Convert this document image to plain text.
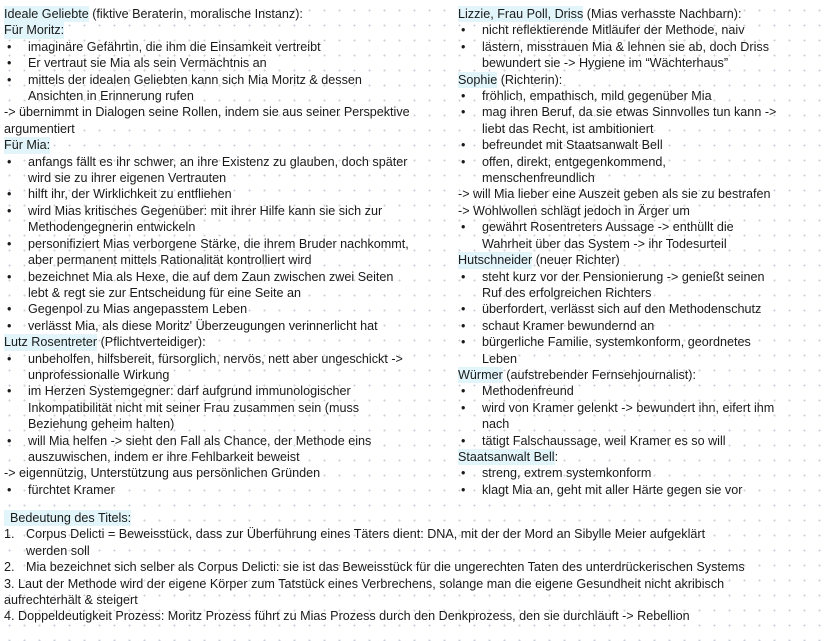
Ideale Geliebte (fiktive Beraterin, moralische Instanz):
Für Moritz:
• imaginäre Gefährtin, die ihm die Einsamkeit vertreibt
• Er vertraut sie Mia als sein Vermächtnis an
• mittels der idealen Geliebten kann sich Mia Moritz & dessen
Ansichten in Erinnerung rufen
-> übernimmt in Dialogen seine Rollen, indem sie aus seiner Perspektive
argumentiert
Für Mia:
• anfangs fällt es ihr schwer, an ihre Existenz zu glauben, doch später
wird sie zu ihrer eigenen Vertrauten
• hilft ihr, der Wirklichkeit zu entfliehen
• wird Mias kritisches Gegenüber: mit ihrer Hilfe kann sie sich zur
Methodengegnerin entwickeln
• personifiziert Mias verborgene Stärke, die ihrem Bruder nachkommt,
aber permanent mittels Rationalität kontrolliert wird
• bezeichnet Mia als Hexe, die auf dem Zaun zwischen zwei Seiten
lebt & regt sie zur Entscheidung für eine Seite an
• Gegenpol zu Mias angepasstem Leben
• verlässt Mia, als diese Moritz' Überzeugungen verinnerlicht hat
Lutz Rosentreter (Pflichtverteidiger):
• unbeholfen, hilfsbereit, fürsorglich, nervös, nett aber ungeschickt ->
unprofessionalle Wirkung
• im Herzen Systemgegner: darf aufgrund immunologischer
Inkompatibilität nicht mit seiner Frau zusammen sein (muss
Beziehung geheim halten)
• will Mia helfen -> sieht den Fall als Chance, der Methode eins
auszuwischen, indem er ihre Fehlbarkeit beweist
-> eigennützig, Unterstützung aus persönlichen Gründen
• fürchtet Kramer
Lizzie, Frau Poll, Driss (Mias verhasste Nachbarn):
• nicht reflektierende Mitläufer der Methode, naiv
• lästern, misstrauen Mia & lehnen sie ab, doch Driss
bewundert sie -> Hygiene im “Wächterhaus”
Sophie (Richterin):
• fröhlich, empathisch, mild gegenüber Mia
• mag ihren Beruf, da sie etwas Sinnvolles tun kann ->
liebt das Recht, ist ambitioniert
• befreundet mit Staatsanwalt Bell
• offen, direkt, entgegenkommend,
menschenfreundlich
-> will Mia lieber eine Auszeit geben als sie zu bestrafen
-> Wohlwollen schlägt jedoch in Ärger um
• gewährt Rosentreters Aussage -> enthüllt die
Wahrheit über das System -> ihr Todesurteil
Hutschneider (neuer Richter)
• steht kurz vor der Pensionierung -> genießt seinen
Ruf des erfolgreichen Richters
• überfordert, verlässt sich auf den Methodenschutz
• schaut Kramer bewundernd an
• bürgerliche Familie, systemkonform, geordnetes
Leben
Würmer (aufstrebender Fernsehjournalist):
• Methodenfreund
• wird von Kramer gelenkt -> bewundert ihn, eifert ihm
nach
• tätigt Falschaussage, weil Kramer es so will
Staatsanwalt Bell:
• streng, extrem systemkonform
• klagt Mia an, geht mit aller Härte gegen sie vor
Bedeutung des Titels:
1. Corpus Delicti = Beweisstück, dass zur Überführung eines Täters dient: DNA, mit der der Mord an Sibylle Meier aufgeklärt
werden soll
2. Mia bezeichnet sich selber als Corpus Delicti: sie ist das Beweisstück für die ungerechten Taten des unterdrückerischen Systems
3. Laut der Methode wird der eigene Körper zum Tatstück eines Verbrechens, solange man die eigene Gesundheit nicht akribisch
aufrechterhält & steigert
4. Doppeldeutigkeit Prozess: Moritz Prozess führt zu Mias Prozess durch den Denkprozess, den sie durchläuft -> Rebellion
